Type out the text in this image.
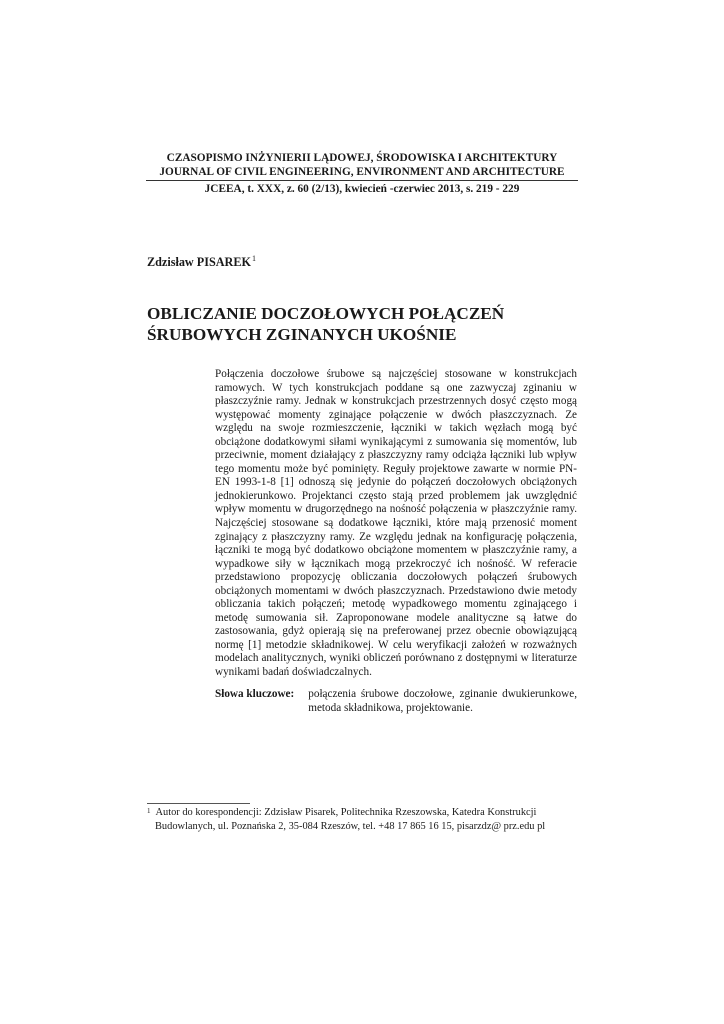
CZASOPISMO INŻYNIERII LĄDOWEJ, ŚRODOWISKA I ARCHITEKTURY
JOURNAL OF CIVIL ENGINEERING, ENVIRONMENT AND ARCHITECTURE
JCEEA, t. XXX, z. 60 (2/13), kwiecień -czerwiec 2013, s. 219 - 229
Zdzisław PISAREK$^1$
OBLICZANIE DOCZOŁOWYCH POŁĄCZEŃ
ŚRUBOWYCH ZGINANYCH UKOŚNIE

Połączenia doczołowe śrubowe są najczęściej stosowane w konstrukcjach ramowych. W tych konstrukcjach poddane są one zazwyczaj zginaniu w płaszczyźnie ramy. Jednak w konstrukcjach przestrzennych dosyć często mogą występować momenty zginające połączenie w dwóch płaszczyznach. Ze względu na swoje rozmieszczenie, łączniki w takich węzłach mogą być obciążone dodatkowymi siłami wynikającymi z sumowania się momentów, lub przeciwnie, moment działający z płaszczyzny ramy odciąża łączniki lub wpływ tego momentu może być pominięty. Reguły projektowe zawarte w normie PN-EN 1993-1-8 [1] odnoszą się jedynie do połączeń doczołowych obciążonych jednokierunkowo. Projektanci często stają przed problemem jak uwzględnić wpływ momentu w drugorzędnego na nośność połączenia w płaszczyźnie ramy. Najczęściej stosowane są dodatkowe łączniki, które mają przenosić moment zginający z płaszczyzny ramy. Ze względu jednak na konfigurację połączenia, łączniki te mogą być dodatkowo obciążone momentem w płaszczyźnie ramy, a wypadkowe siły w łącznikach mogą przekroczyć ich nośność. W referacie przedstawiono propozycję obliczania doczołowych połączeń śrubowych obciążonych momentami w dwóch płaszczyznach. Przedstawiono dwie metody obliczania takich połączeń; metodę wypadkowego momentu zginającego i metodę sumowania sił. Zaproponowane modele analityczne są łatwe do zastosowania, gdyż opierają się na preferowanej przez obecnie obowiązującą normę [1] metodzie składnikowej. W celu weryfikacji założeń w rozważnych modelach analitycznych, wyniki obliczeń porównano z dostępnymi w literaturze wynikami badań doświadczalnych.

Słowa kluczowe: połączenia śrubowe doczołowe, zginanie dwukierunkowe, metoda składnikowa, projektowanie.
$^1$ Autor do korespondencji: Zdzisław Pisarek, Politechnika Rzeszowska, Katedra Konstrukcji
Budowlanych, ul. Poznańska 2, 35-084 Rzeszów, tel. +48 17 865 16 15, pisarzdz@ prz.edu pl
